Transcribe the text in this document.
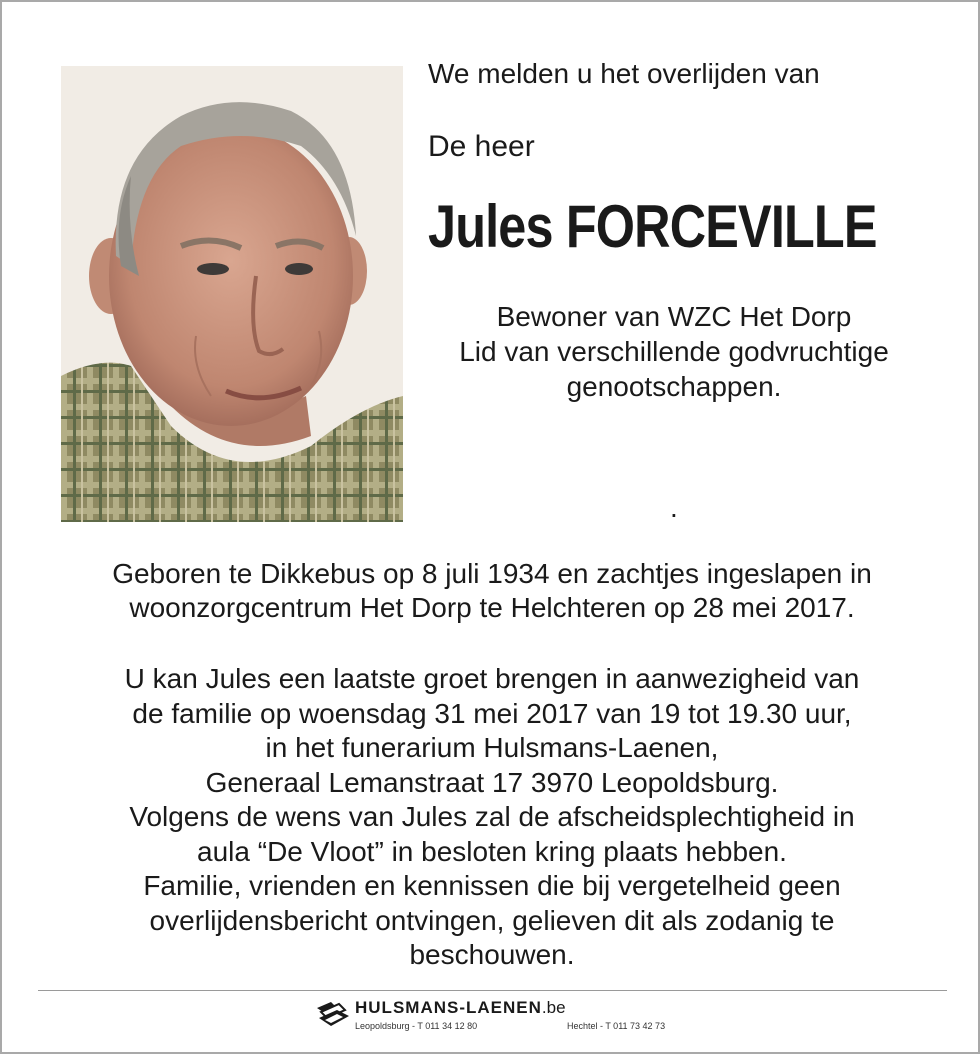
We melden u het overlijden van

De heer

Jules FORCEVILLE

Bewoner van WZC Het Dorp
Lid van verschillende godvruchtige
genootschappen.

.

Geboren te Dikkebus op 8 juli 1934 en zachtjes ingeslapen in
woonzorgcentrum Het Dorp te Helchteren op 28 mei 2017.
U kan Jules een laatste groet brengen in aanwezigheid van
de familie op woensdag 31 mei 2017 van 19 tot 19.30 uur,
in het funerarium Hulsmans-Laenen,
Generaal Lemanstraat 17 3970 Leopoldsburg.
Volgens de wens van Jules zal de afscheidsplechtigheid in
aula “De Vloot” in besloten kring plaats hebben.
Familie, vrienden en kennissen die bij vergetelheid geen
overlijdensbericht ontvingen, gelieven dit als zodanig te
beschouwen.

HULSMANS-LAENEN.be

Leopoldsburg - T 011 34 12 80	Hechtel - T 011 73 42 73
